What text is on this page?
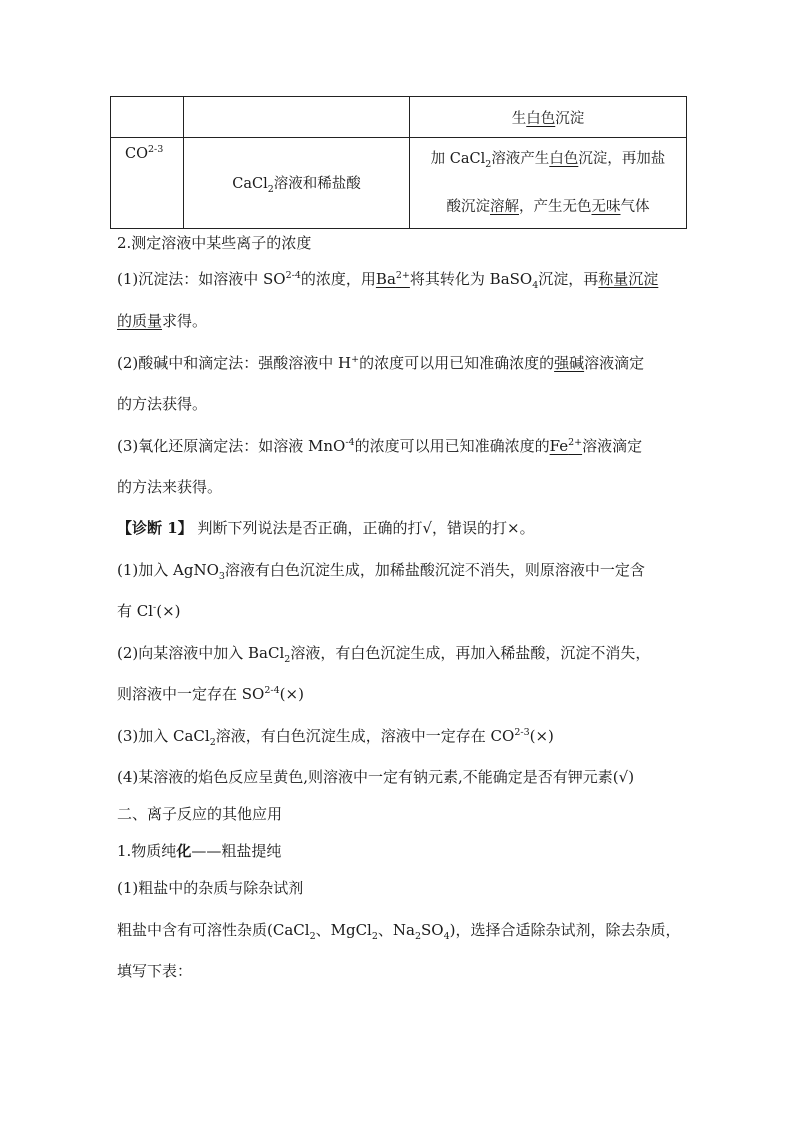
		生白色沉淀
CO$^{2-3}$	CaCl$_2$溶液和稀盐酸	加 CaCl$_2$溶液产生白色沉淀，再加盐
酸沉淀溶解，产生无色无味气体
2.测定溶液中某些离子的浓度
(1)沉淀法：如溶液中 SO$^{2-4}$的浓度，用$Ba^{2+}$将其转化为 BaSO$_4$沉淀，再称量沉淀
的质量求得。
(2)酸碱中和滴定法：强酸溶液中 H+的浓度可以用已知准确浓度的强碱溶液滴定
的方法获得。
(3)氧化还原滴定法：如溶液 MnO$^{-4}$的浓度可以用已知准确浓度的$Fe^{2+}$溶液滴定
的方法来获得。
【诊断 1】 判断下列说法是否正确，正确的打√，错误的打×。
(1)加入 AgNO$_3$溶液有白色沉淀生成，加稀盐酸沉淀不消失，则原溶液中一定含
有 Cl-(×)
(2)向某溶液中加入 BaCl$_2$溶液，有白色沉淀生成，再加入稀盐酸，沉淀不消失，
则溶液中一定存在 $SO^{2-4}(\times)$
(3)加入 CaCl$_2$溶液，有白色沉淀生成，溶液中一定存在 $CO^{2-3}(\times)$
(4)某溶液的焰色反应呈黄色,则溶液中一定有钠元素,不能确定是否有钾元素(√)
二、离子反应的其他应用
1.物质纯化——粗盐提纯
(1)粗盐中的杂质与除杂试剂
粗盐中含有可溶性杂质(CaCl$_2$、MgCl$_2$、$Na_2SO_4$)，选择合适除杂试剂，除去杂质，
填写下表：
